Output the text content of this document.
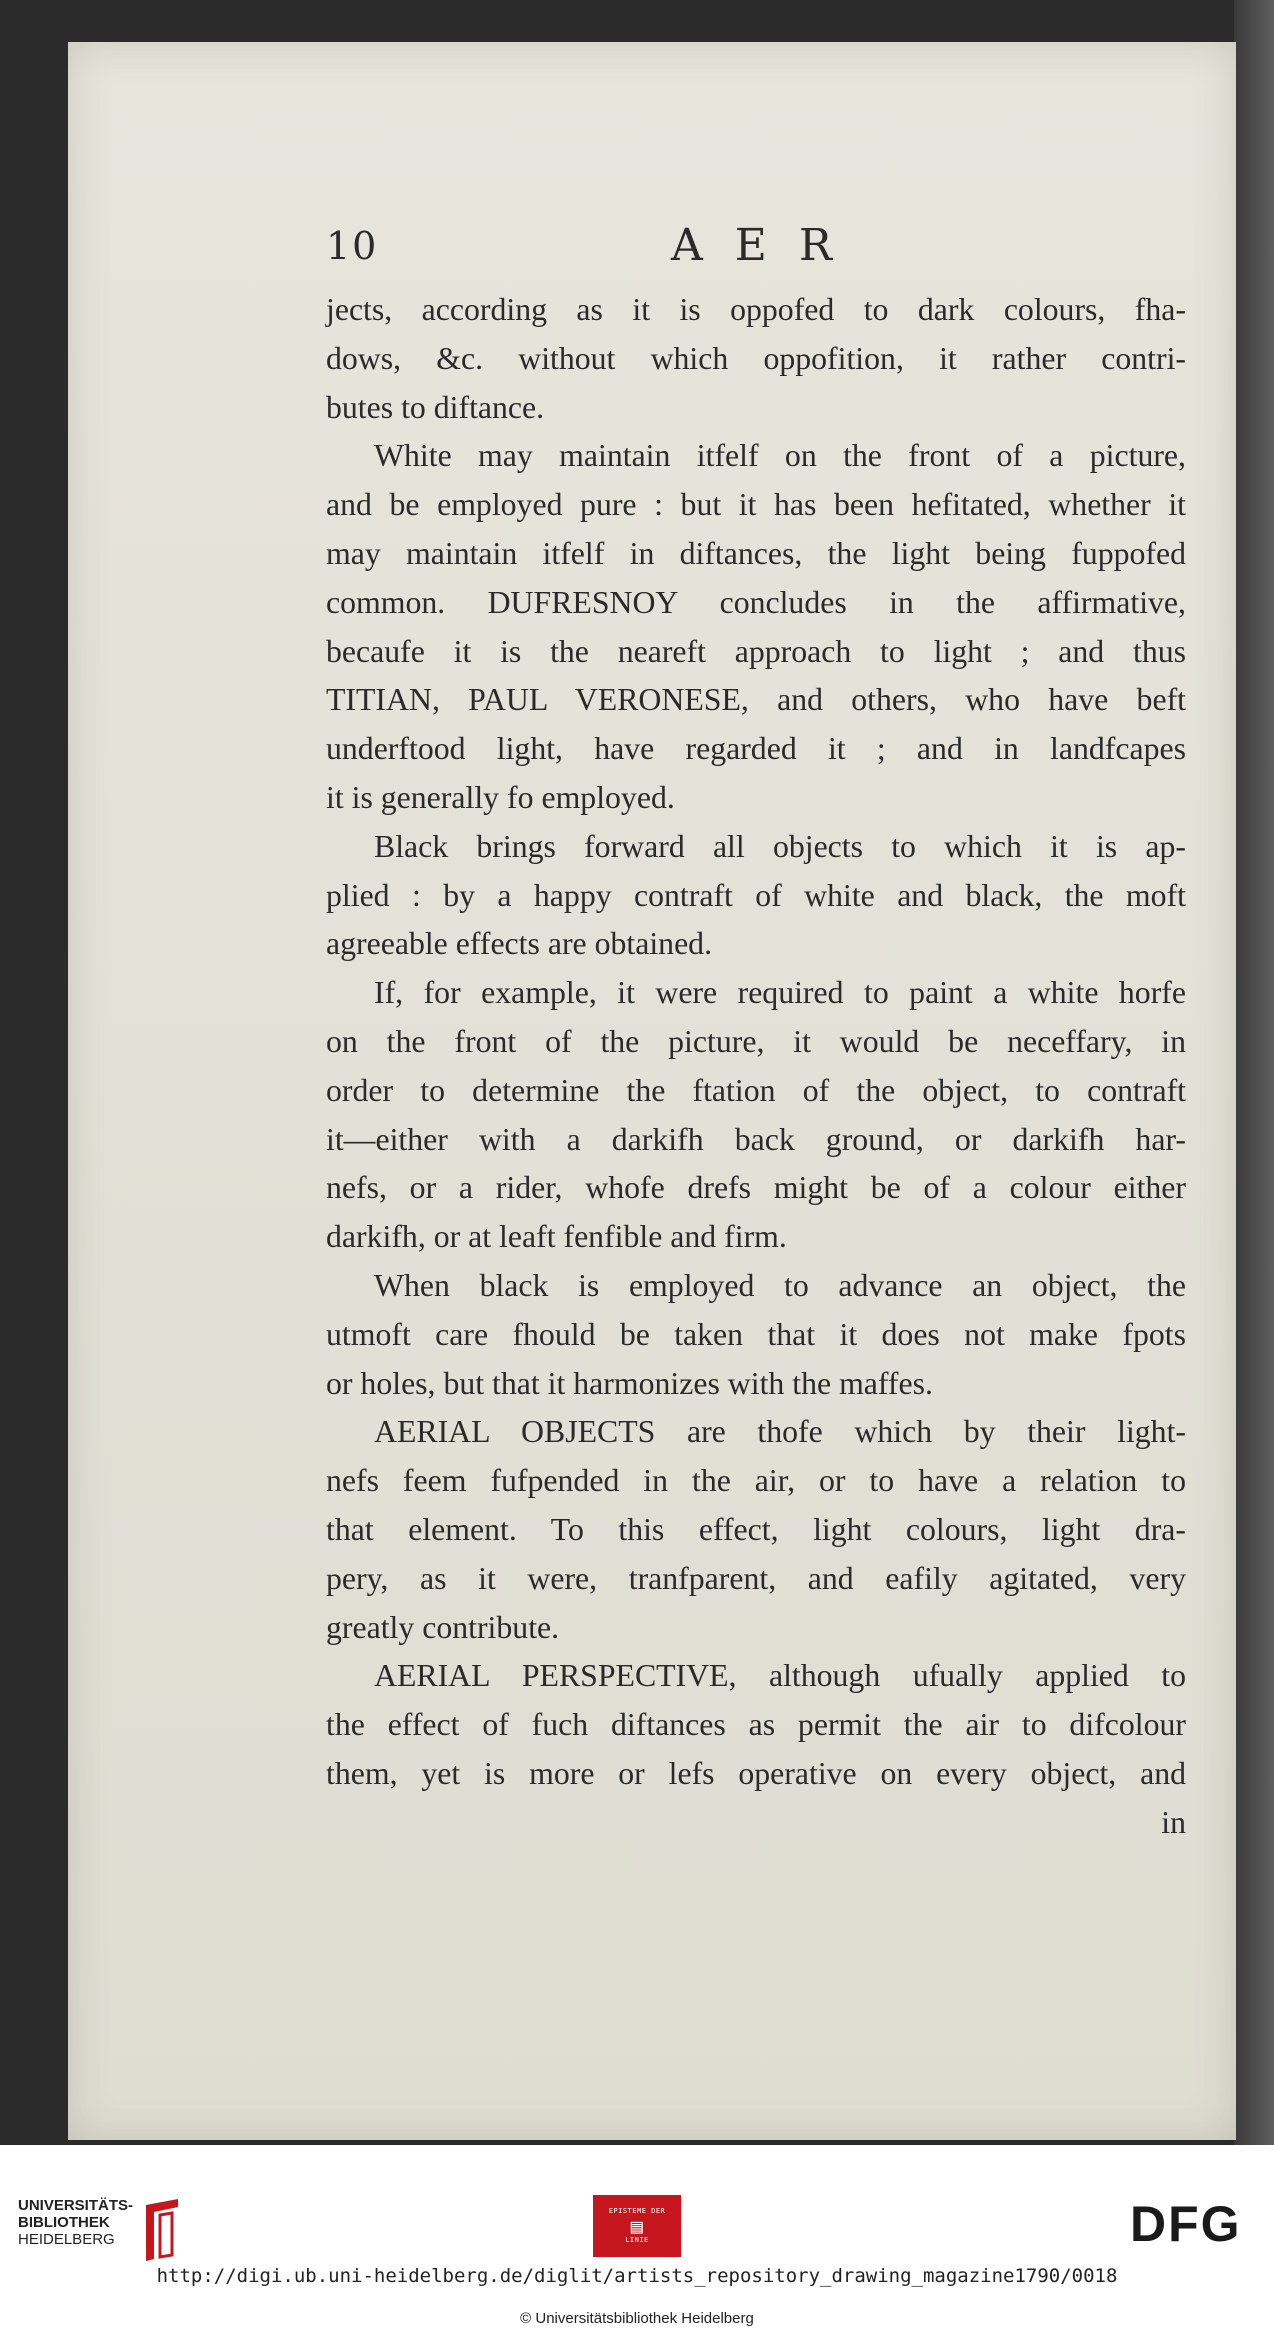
10	AER
jects, according as it is oppofed to dark colours, fha-
dows, &c. without which oppofition, it rather contri-
butes to diftance.
White may maintain itfelf on the front of a picture,
and be employed pure : but it has been hefitated, whether it
may maintain itfelf in diftances, the light being fuppofed
common. DUFRESNOY concludes in the affirmative,
becaufe it is the neareft approach to light ; and thus
TITIAN, PAUL VERONESE, and others, who have beft
underftood light, have regarded it ; and in landfcapes
it is generally fo employed.
Black brings forward all objects to which it is ap-
plied : by a happy contraft of white and black, the moft
agreeable effects are obtained.
If, for example, it were required to paint a white horfe
on the front of the picture, it would be neceffary, in
order to determine the ftation of the object, to contraft
it—either with a darkifh back ground, or darkifh har-
nefs, or a rider, whofe drefs might be of a colour either
darkifh, or at leaft fenfible and firm.
When black is employed to advance an object, the
utmoft care fhould be taken that it does not make fpots
or holes, but that it harmonizes with the maffes.
AERIAL OBJECTS are thofe which by their light-
nefs feem fufpended in the air, or to have a relation to
that element. To this effect, light colours, light dra-
pery, as it were, tranfparent, and eafily agitated, very
greatly contribute.
AERIAL PERSPECTIVE, although ufually applied to
the effect of fuch diftances as permit the air to difcolour
them, yet is more or lefs operative on every object, and
in
UNIVERSITÄTS-
BIBLIOTHEK
HEIDELBERG
EPISTEME DER
▤
LINIE	DFG
http://digi.ub.uni-heidelberg.de/diglit/artists_repository_drawing_magazine1790/0018
© Universitätsbibliothek Heidelberg
